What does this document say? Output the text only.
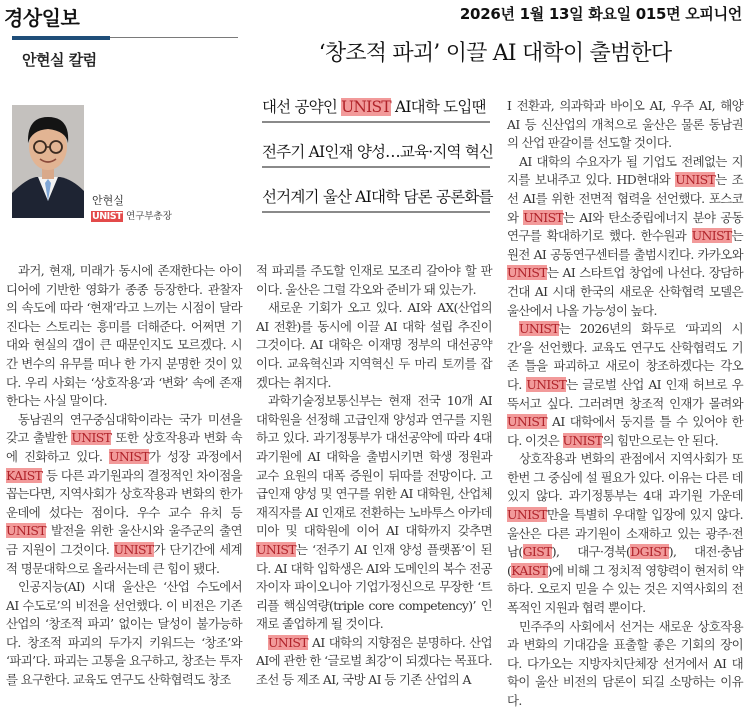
경상일보	2026년 1월 13일 화요일 015면 오피니언
안현실 칼럼	‘창조적 파괴’ 이끌 AI 대학이 출범한다
안현실
UNIST 연구부총장
대선 공약인 UNIST AI대학 도입땐
전주기 AI인재 양성…교육·지역 혁신
선거계기 울산 AI대학 담론 공론화를

과거, 현재, 미래가 동시에 존재한다는 아이디어에 기반한 영화가 종종 등장한다. 관찰자의 속도에 따라 ‘현재’라고 느끼는 시점이 달라진다는 스토리는 흥미를 더해준다. 어쩌면 기대와 현실의 갭이 큰 때문인지도 모르겠다. 시간 변수의 유무를 떠나 한 가지 분명한 것이 있다. 우리 사회는 ‘상호작용’과 ‘변화’ 속에 존재한다는 사실 말이다.

동남권의 연구중심대학이라는 국가 미션을 갖고 출발한 UNIST 또한 상호작용과 변화 속에 진화하고 있다. UNIST가 성장 과정에서 KAIST 등 다른 과기원과의 결정적인 차이점을 꼽는다면, 지역사회가 상호작용과 변화의 한가운데에 섰다는 점이다. 우수 교수 유치 등 UNIST 발전을 위한 울산시와 울주군의 출연금 지원이 그것이다. UNIST가 단기간에 세계적 명문대학으로 올라서는데 큰 힘이 됐다.

인공지능(AI) 시대 울산은 ‘산업 수도에서 AI 수도로’의 비전을 선언했다. 이 비전은 기존 산업의 ‘창조적 파괴’ 없이는 달성이 불가능하다. 창조적 파괴의 두가지 키워드는 ‘창조’와 ‘파괴’다. 파괴는 고통을 요구하고, 창조는 투자를 요구한다. 교육도 연구도 산학협력도 창조

적 파괴를 주도할 인재로 모조리 갈아야 할 판이다. 울산은 그럴 각오와 준비가 돼 있는가.

새로운 기회가 오고 있다. AI와 AX(산업의 AI 전환)를 동시에 이끌 AI 대학 설립 추진이 그것이다. AI 대학은 이재명 정부의 대선공약이다. 교육혁신과 지역혁신 두 마리 토끼를 잡겠다는 취지다.

과학기술정보통신부는 현재 전국 10개 AI 대학원을 선정해 고급인재 양성과 연구를 지원하고 있다. 과기정통부가 대선공약에 따라 4대 과기원에 AI 대학을 출범시키면 학생 정원과 교수 요원의 대폭 증원이 뒤따를 전망이다. 고급인재 양성 및 연구를 위한 AI 대학원, 산업체 재직자를 AI 인재로 전환하는 노바투스 아카데미아 및 대학원에 이어 AI 대학까지 갖추면 UNIST는 ‘전주기 AI 인재 양성 플랫폼’이 된다. AI 대학 입학생은 AI와 도메인의 복수 전공자이자 파이오니아 기업가정신으로 무장한 ‘트리플 핵심역량(triple core competency)’ 인재로 졸업하게 될 것이다.

UNIST AI 대학의 지향점은 분명하다. 산업 AI에 관한 한 ‘글로벌 최강’이 되겠다는 목표다. 조선 등 제조 AI, 국방 AI 등 기존 산업의 A

I 전환과, 의과학과 바이오 AI, 우주 AI, 해양 AI 등 신산업의 개척으로 울산은 물론 동남권의 산업 판갈이를 선도할 것이다.

AI 대학의 수요자가 될 기업도 전례없는 지지를 보내주고 있다. HD현대와 UNIST는 조선 AI를 위한 전면적 협력을 선언했다. 포스코와 UNIST는 AI와 탄소중립에너지 분야 공동연구를 확대하기로 했다. 한수원과 UNIST는 원전 AI 공동연구센터를 출범시킨다. 카카오와 UNIST는 AI 스타트업 창업에 나선다. 장담하건대 AI 시대 한국의 새로운 산학협력 모델은 울산에서 나올 가능성이 높다.

UNIST는 2026년의 화두로 ‘파괴의 시간’을 선언했다. 교육도 연구도 산학협력도 기존 틀을 파괴하고 새로이 창조하겠다는 각오다. UNIST는 글로벌 산업 AI 인재 허브로 우뚝서고 싶다. 그러려면 창조적 인재가 몰려와 UNIST AI 대학에서 둥지를 틀 수 있어야 한다. 이것은 UNIST의 힘만으로는 안 된다.

상호작용과 변화의 관점에서 지역사회가 또 한번 그 중심에 설 필요가 있다. 이유는 다른 데 있지 않다. 과기정통부는 4대 과기원 가운데 UNIST만을 특별히 우대할 입장에 있지 않다. 울산은 다른 과기원이 소재하고 있는 광주·전남(GIST), 대구·경북(DGIST), 대전·충남(KAIST)에 비해 그 정치적 영향력이 현저히 약하다. 오로지 믿을 수 있는 것은 지역사회의 전폭적인 지원과 협력 뿐이다.

민주주의 사회에서 선거는 새로운 상호작용과 변화의 기대감을 표출할 좋은 기회의 장이다. 다가오는 지방자치단체장 선거에서 AI 대학이 울산 비전의 담론이 되길 소망하는 이유다.
